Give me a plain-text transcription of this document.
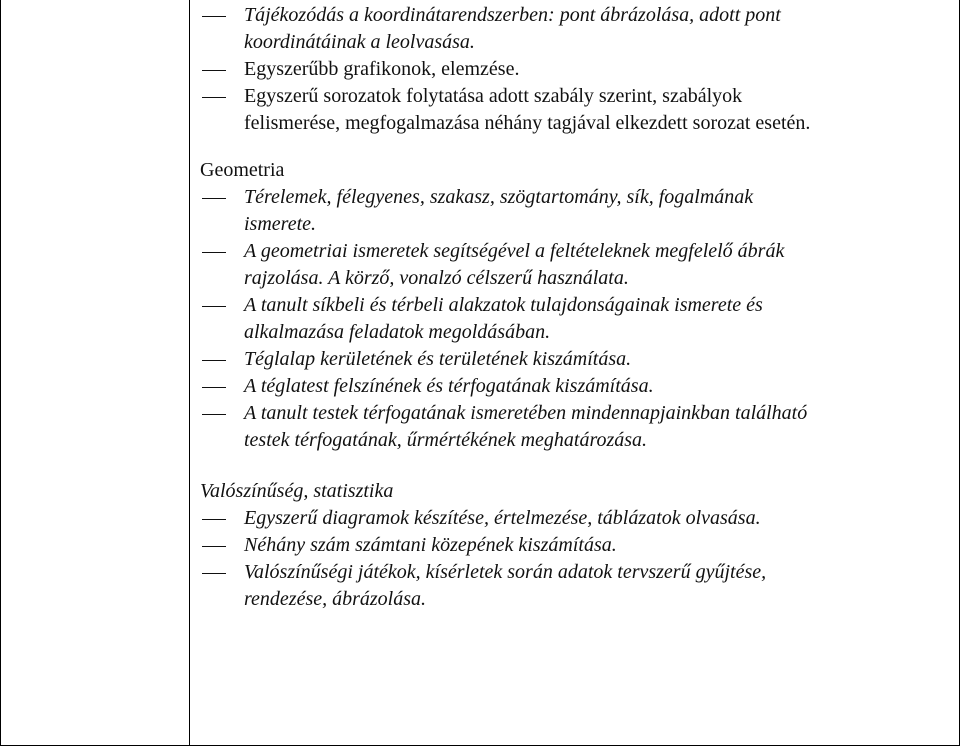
Tájékozódás a koordinátarendszerben: pont ábrázolása, adott pont
koordinátáinak a leolvasása.
Egyszerűbb grafikonok, elemzése.
Egyszerű sorozatok folytatása adott szabály szerint, szabályok
felismerése, megfogalmazása néhány tagjával elkezdett sorozat esetén.
Geometria
Térelemek, félegyenes, szakasz, szögtartomány, sík, fogalmának
ismerete.
A geometriai ismeretek segítségével a feltételeknek megfelelő ábrák
rajzolása. A körző, vonalzó célszerű használata.
A tanult síkbeli és térbeli alakzatok tulajdonságainak ismerete és
alkalmazása feladatok megoldásában.
Téglalap kerületének és területének kiszámítása.
A téglatest felszínének és térfogatának kiszámítása.
A tanult testek térfogatának ismeretében mindennapjainkban található
testek térfogatának, űrmértékének meghatározása.
Valószínűség, statisztika
Egyszerű diagramok készítése, értelmezése, táblázatok olvasása.
Néhány szám számtani közepének kiszámítása.
Valószínűségi játékok, kísérletek során adatok tervszerű gyűjtése,
rendezése, ábrázolása.
